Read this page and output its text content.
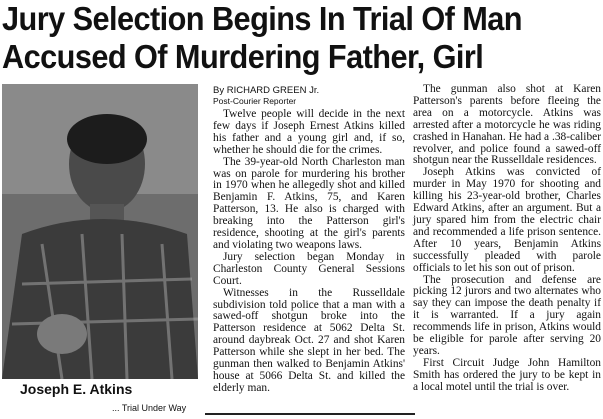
Jury Selection Begins In Trial Of Man
Accused Of Murdering Father, Girl
Joseph E. Atkins
... Trial Under Way
By RICHARD GREEN Jr.
Post-Courier Reporter

Twelve people will decide in the next few days if Joseph Ernest Atkins killed his father and a young girl and, if so, whether he should die for the crimes.

The 39-year-old North Charleston man was on parole for murdering his brother in 1970 when he allegedly shot and killed Benjamin F. Atkins, 75, and Karen Patterson, 13. He also is charged with breaking into the Patterson girl's residence, shooting at the girl's parents and violating two weapons laws.

Jury selection began Monday in Charleston County General Sessions Court.

Witnesses in the Russelldale subdivision told police that a man with a sawed-off shotgun broke into the Patterson residence at 5062 Delta St. around daybreak Oct. 27 and shot Karen Patterson while she slept in her bed. The gunman then walked to Benjamin Atkins' house at 5066 Delta St. and killed the elderly man.

The gunman also shot at Karen Patterson's parents before fleeing the area on a motorcycle. Atkins was arrested after a motorcycle he was riding crashed in Hanahan. He had a .38-caliber revolver, and police found a sawed-off shotgun near the Russelldale residences.

Joseph Atkins was convicted of murder in May 1970 for shooting and killing his 23-year-old brother, Charles Edward Atkins, after an argument. But a jury spared him from the electric chair and recommended a life prison sentence. After 10 years, Benjamin Atkins successfully pleaded with parole officials to let his son out of prison.

The prosecution and defense are picking 12 jurors and two alternates who say they can impose the death penalty if it is warranted. If a jury again recommends life in prison, Atkins would be eligible for parole after serving 20 years.

First Circuit Judge John Hamilton Smith has ordered the jury to be kept in a local motel until the trial is over.
